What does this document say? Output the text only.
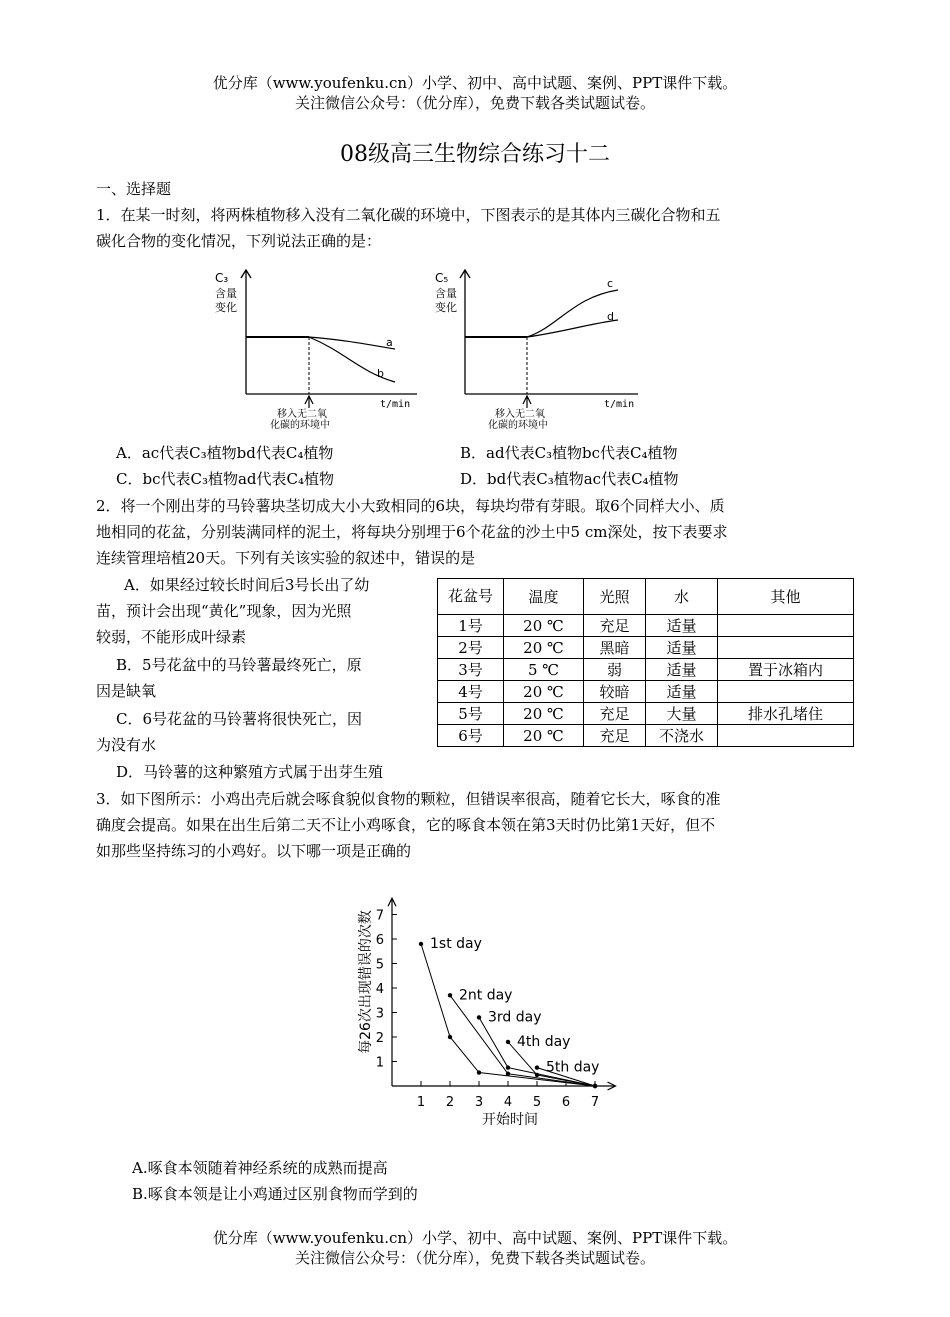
优分库（www.youfenku.cn）小学、初中、高中试题、案例、PPT课件下载。
关注微信公众号：（优分库），免费下载各类试题试卷。
08级高三生物综合练习十二
一、选择题
1．在某一时刻，将两株植物移入没有二氧化碳的环境中，下图表示的是其体内三碳化合物和五
碳化合物的变化情况，下列说法正确的是：
C₃
含量
变化
a
b
t/min
移入无二氧
化碳的环境中
C₅
含量
变化
c
d
t/min
移入无二氧
化碳的环境中
A．ac代表C₃植物bd代表C₄植物	B．ad代表C₃植物bc代表C₄植物
C．bc代表C₃植物ad代表C₄植物	D．bd代表C₃植物ac代表C₄植物
2．将一个刚出芽的马铃薯块茎切成大小大致相同的6块，每块均带有芽眼。取6个同样大小、质
地相同的花盆，分别装满同样的泥土，将每块分别埋于6个花盆的沙土中5 cm深处，按下表要求
连续管理培植20天。下列有关该实验的叙述中，错误的是
A．如果经过较长时间后3号长出了幼
苗，预计会出现“黄化”现象，因为光照
较弱，不能形成叶绿素
B．5号花盆中的马铃薯最终死亡，原
因是缺氧
C．6号花盆的马铃薯将很快死亡，因
为没有水
D．马铃薯的这种繁殖方式属于出芽生殖
花盆号	温度	光照	水	其他
1号	20 ℃	充足	适量	
2号	20 ℃	黑暗	适量	
3号	5 ℃	弱	适量	置于冰箱内
4号	20 ℃	较暗	适量	
5号	20 ℃	充足	大量	排水孔堵住
6号	20 ℃	充足	不浇水	
3．如下图所示：小鸡出壳后就会啄食貌似食物的颗粒，但错误率很高，随着它长大，啄食的准
确度会提高。如果在出生后第二天不让小鸡啄食，它的啄食本领在第3天时仍比第1天好，但不
如那些坚持练习的小鸡好。以下哪一项是正确的
1
2
3
4
5
6
7
1 2 3 4 5 6 7
1st day
2nt day
3rd day
4th day
5th day
开始时间
每26次出现错误的次数
A.啄食本领随着神经系统的成熟而提高
B.啄食本领是让小鸡通过区别食物而学到的
优分库（www.youfenku.cn）小学、初中、高中试题、案例、PPT课件下载。
关注微信公众号：（优分库），免费下载各类试题试卷。
